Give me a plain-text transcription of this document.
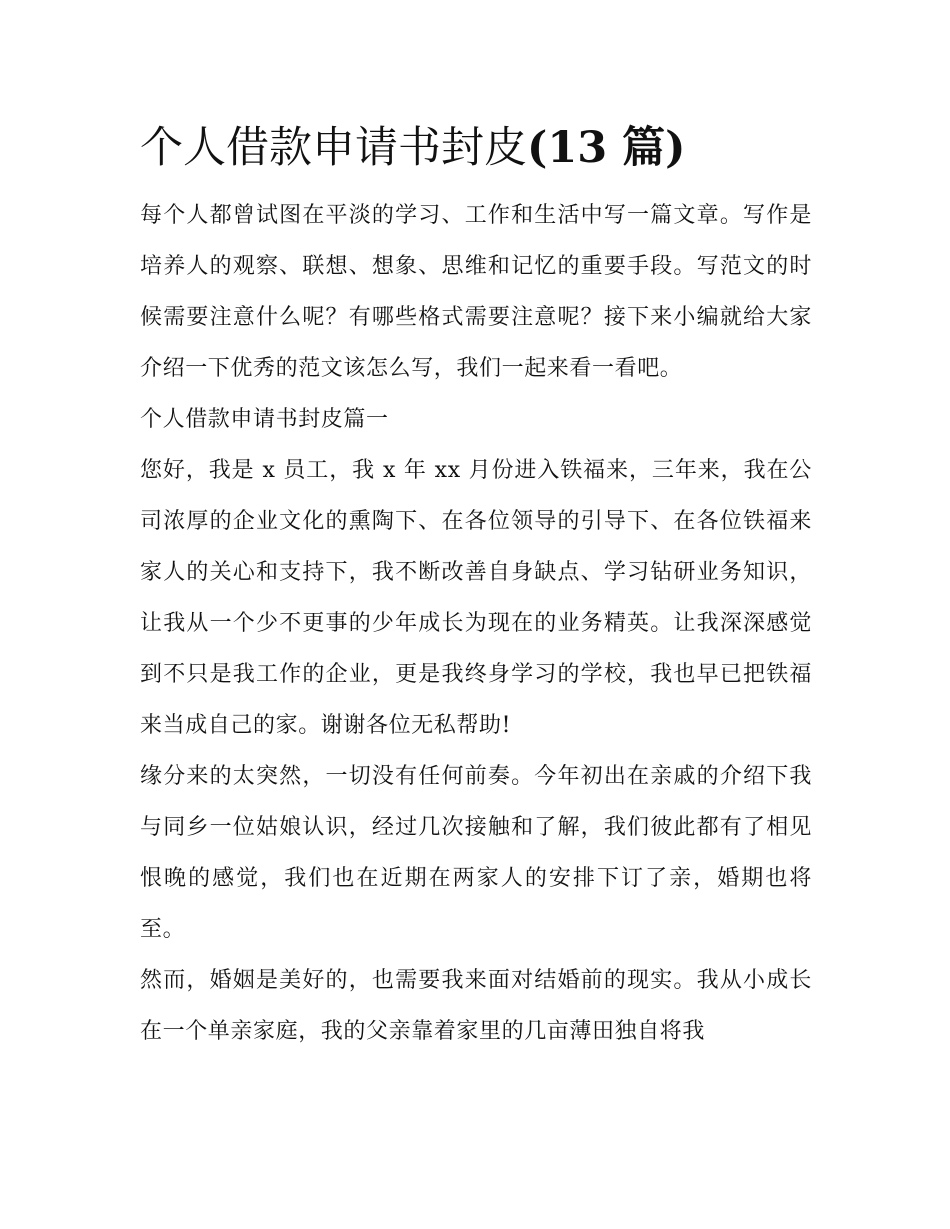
个人借款申请书封皮(13 篇)

每个人都曾试图在平淡的学习、工作和生活中写一篇文章。写作是培养人的观察、联想、想象、思维和记忆的重要手段。写范文的时候需要注意什么呢？有哪些格式需要注意呢？接下来小编就给大家介绍一下优秀的范文该怎么写，我们一起来看一看吧。

个人借款申请书封皮篇一

您好，我是 x 员工，我 x 年 xx 月份进入铁福来，三年来，我在公司浓厚的企业文化的熏陶下、在各位领导的引导下、在各位铁福来家人的关心和支持下，我不断改善自身缺点、学习钻研业务知识，让我从一个少不更事的少年成长为现在的业务精英。让我深深感觉到不只是我工作的企业，更是我终身学习的学校，我也早已把铁福来当成自己的家。谢谢各位无私帮助!

缘分来的太突然，一切没有任何前奏。今年初出在亲戚的介绍下我与同乡一位姑娘认识，经过几次接触和了解，我们彼此都有了相见恨晚的感觉，我们也在近期在两家人的安排下订了亲，婚期也将至。

然而，婚姻是美好的，也需要我来面对结婚前的现实。我从小成长在一个单亲家庭，我的父亲靠着家里的几亩薄田独自将我
